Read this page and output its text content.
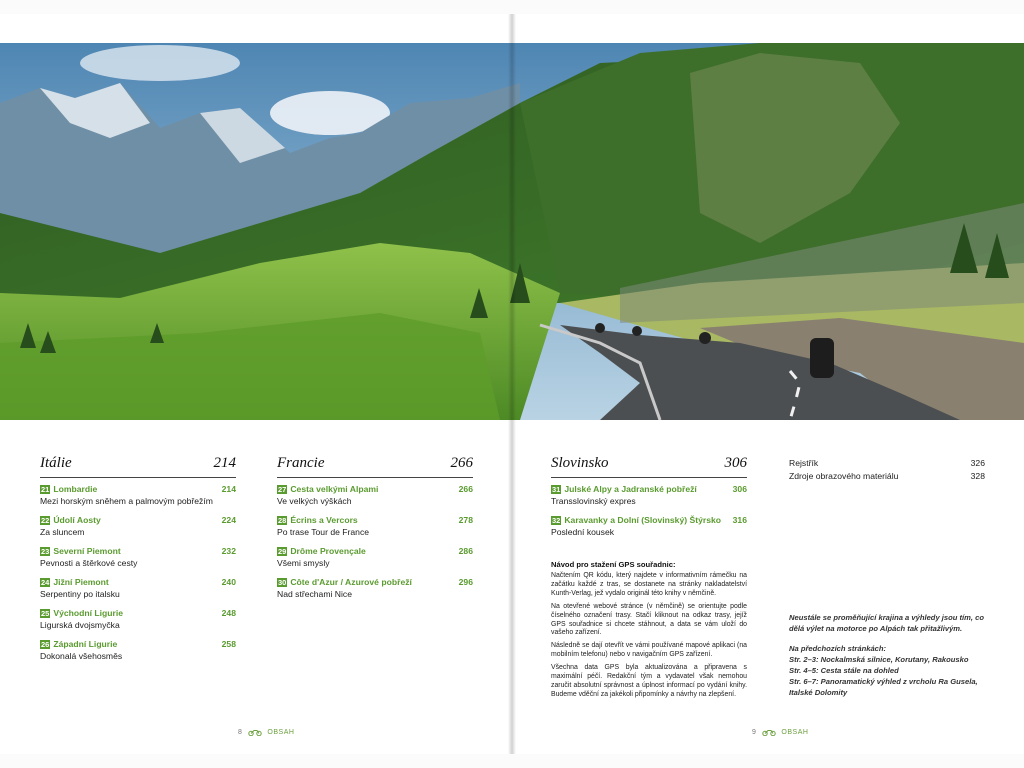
Itálie	214
21 Lombardie	214
Mezi horským sněhem a palmovým pobřežím
22 Údolí Aosty	224
Za sluncem
23 Severní Piemont	232
Pevnosti a štěrkové cesty
24 Jižní Piemont	240
Serpentiny po italsku
25 Východní Ligurie	248
Ligurská dvojsmyčka
26 Západní Ligurie	258
Dokonalá všehosměs
Francie	266
27 Cesta velkými Alpami	266
Ve velkých výškách
28 Écrins a Vercors	278
Po trase Tour de France
29 Drôme Provençale	286
Všemi smysly
30 Côte d'Azur / Azurové pobřeží	296
Nad střechami Nice
Slovinsko	306
31 Julské Alpy a Jadranské pobřeží	306
Transslovinský expres
32 Karavanky a Dolní (Slovinský) Štýrsko 316
Poslední kousek
Návod pro stažení GPS souřadnic:

Načtením QR kódu, který najdete v informativním rámečku na začátku každé z tras, se dostanete na stránky nakladatelství Kunth-Verlag, jež vydalo originál této knihy v němčině.

Na otevřené webové stránce (v němčině) se orientujte podle číselného označení trasy. Stačí kliknout na odkaz trasy, jejíž GPS souřadnice si chcete stáhnout, a data se vám uloží do vašeho zařízení.

Následně se dají otevřít ve vámi používané mapové aplikaci (na mobilním telefonu) nebo v navigačním GPS zařízení.

Všechna data GPS byla aktualizována a připravena s maximální péčí. Redakční tým a vydavatel však nemohou zaručit absolutní správnost a úplnost informací po vydání knihy. Budeme vděční za jakékoli připomínky a návrhy na zlepšení.

Rejstřík	326
Zdroje obrazového materiálu	328
Neustále se proměňující krajina a výhledy jsou tím, co dělá výlet na motorce po Alpách tak přitažlivým.
Na předchozích stránkách:
Str. 2–3: Nockalmská silnice, Korutany, Rakousko
Str. 4–5: Cesta stále na dohled
Str. 6–7: Panoramatický výhled z vrcholu Ra Gusela, Italské Dolomity
8	OBSAH	9	OBSAH
